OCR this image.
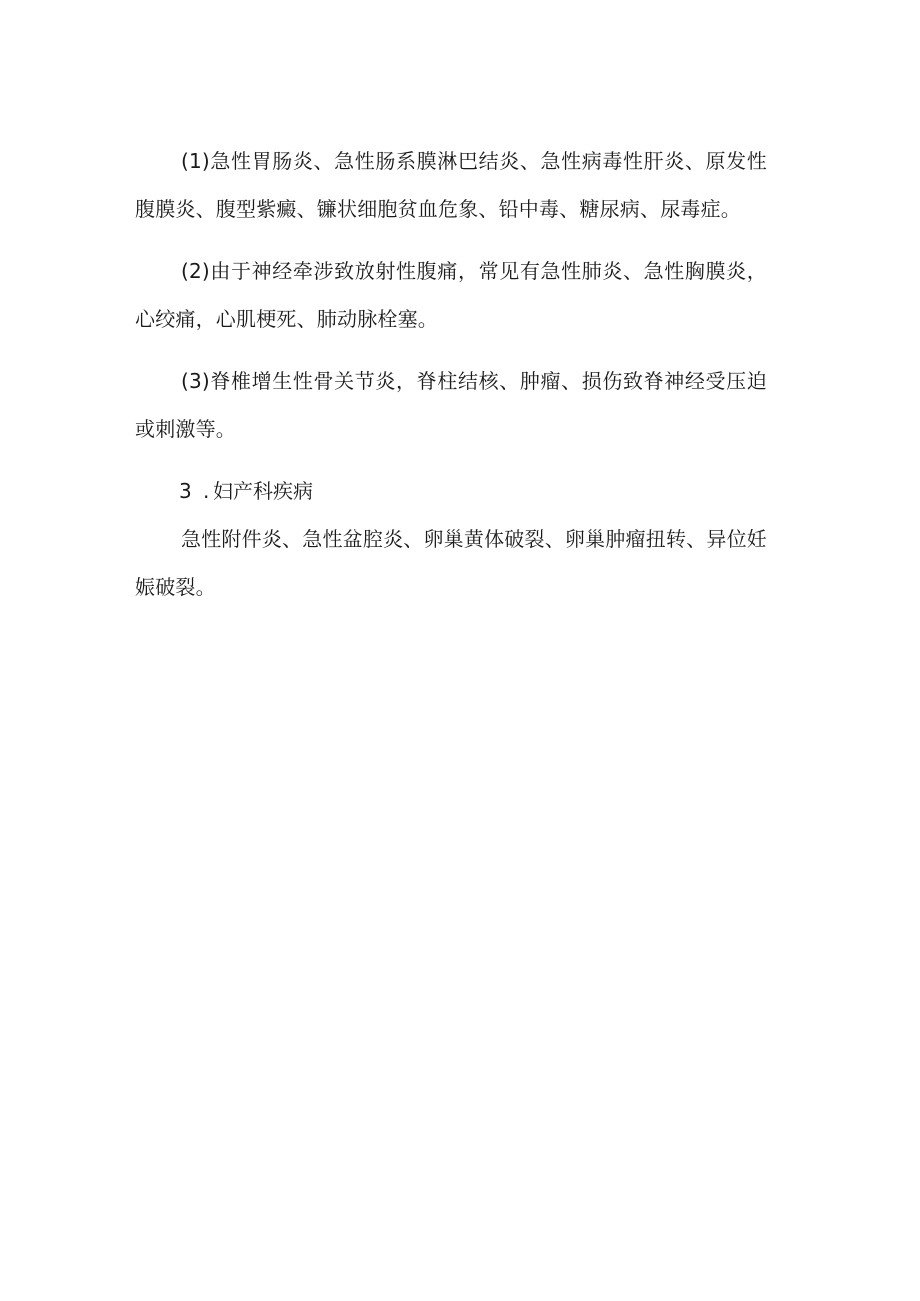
(1)急性胃肠炎、急性肠系膜淋巴结炎、急性病毒性肝炎、原发性腹膜炎、腹型紫癜、镰状细胞贫血危象、铅中毒、糖尿病、尿毒症。

(2)由于神经牵涉致放射性腹痛，常见有急性肺炎、急性胸膜炎，心绞痛，心肌梗死、肺动脉栓塞。

(3)脊椎增生性骨关节炎，脊柱结核、肿瘤、损伤致脊神经受压迫或刺激等。

3 . 妇产科疾病

急性附件炎、急性盆腔炎、卵巢黄体破裂、卵巢肿瘤扭转、异位妊娠破裂。
